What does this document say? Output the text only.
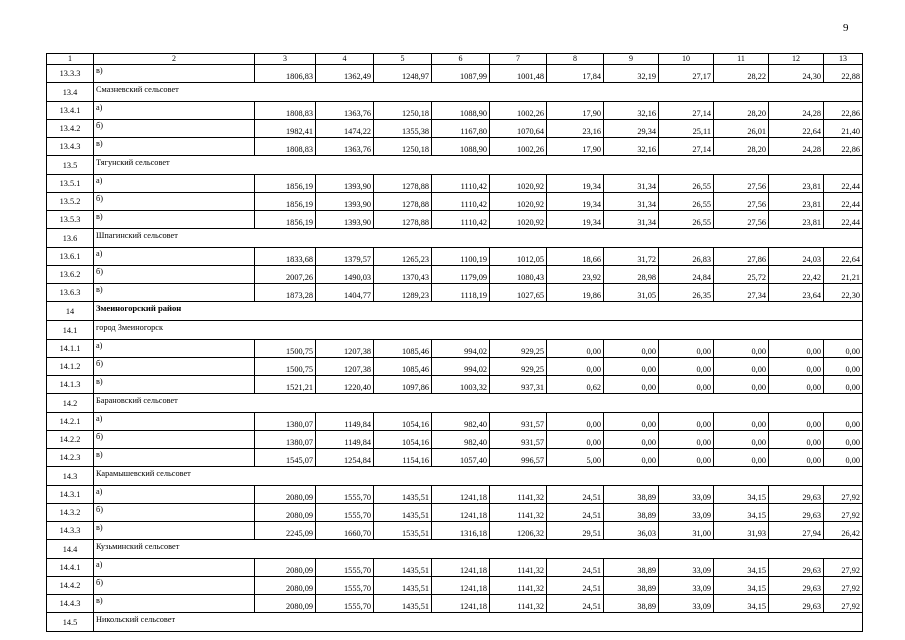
9
1	2	3	4	5	6	7	8	9	10	11	12	13
13.3.3	в)	1806,83	1362,49	1248,97	1087,99	1001,48	17,84	32,19	27,17	28,22	24,30	22,88
13.4	Смазневский сельсовет											
13.4.1	а)	1808,83	1363,76	1250,18	1088,90	1002,26	17,90	32,16	27,14	28,20	24,28	22,86
13.4.2	б)	1982,41	1474,22	1355,38	1167,80	1070,64	23,16	29,34	25,11	26,01	22,64	21,40
13.4.3	в)	1808,83	1363,76	1250,18	1088,90	1002,26	17,90	32,16	27,14	28,20	24,28	22,86
13.5	Тягунский сельсовет											
13.5.1	а)	1856,19	1393,90	1278,88	1110,42	1020,92	19,34	31,34	26,55	27,56	23,81	22,44
13.5.2	б)	1856,19	1393,90	1278,88	1110,42	1020,92	19,34	31,34	26,55	27,56	23,81	22,44
13.5.3	в)	1856,19	1393,90	1278,88	1110,42	1020,92	19,34	31,34	26,55	27,56	23,81	22,44
13.6	Шпагинский сельсовет											
13.6.1	а)	1833,68	1379,57	1265,23	1100,19	1012,05	18,66	31,72	26,83	27,86	24,03	22,64
13.6.2	б)	2007,26	1490,03	1370,43	1179,09	1080,43	23,92	28,98	24,84	25,72	22,42	21,21
13.6.3	в)	1873,28	1404,77	1289,23	1118,19	1027,65	19,86	31,05	26,35	27,34	23,64	22,30
14	Змеиногорский район											
14.1	город Змеиногорск											
14.1.1	а)	1500,75	1207,38	1085,46	994,02	929,25	0,00	0,00	0,00	0,00	0,00	0,00
14.1.2	б)	1500,75	1207,38	1085,46	994,02	929,25	0,00	0,00	0,00	0,00	0,00	0,00
14.1.3	в)	1521,21	1220,40	1097,86	1003,32	937,31	0,62	0,00	0,00	0,00	0,00	0,00
14.2	Барановский сельсовет											
14.2.1	а)	1380,07	1149,84	1054,16	982,40	931,57	0,00	0,00	0,00	0,00	0,00	0,00
14.2.2	б)	1380,07	1149,84	1054,16	982,40	931,57	0,00	0,00	0,00	0,00	0,00	0,00
14.2.3	в)	1545,07	1254,84	1154,16	1057,40	996,57	5,00	0,00	0,00	0,00	0,00	0,00
14.3	Карамышевский сельсовет											
14.3.1	а)	2080,09	1555,70	1435,51	1241,18	1141,32	24,51	38,89	33,09	34,15	29,63	27,92
14.3.2	б)	2080,09	1555,70	1435,51	1241,18	1141,32	24,51	38,89	33,09	34,15	29,63	27,92
14.3.3	в)	2245,09	1660,70	1535,51	1316,18	1206,32	29,51	36,03	31,00	31,93	27,94	26,42
14.4	Кузьминский сельсовет											
14.4.1	а)	2080,09	1555,70	1435,51	1241,18	1141,32	24,51	38,89	33,09	34,15	29,63	27,92
14.4.2	б)	2080,09	1555,70	1435,51	1241,18	1141,32	24,51	38,89	33,09	34,15	29,63	27,92
14.4.3	в)	2080,09	1555,70	1435,51	1241,18	1141,32	24,51	38,89	33,09	34,15	29,63	27,92
14.5	Никольский сельсовет											
